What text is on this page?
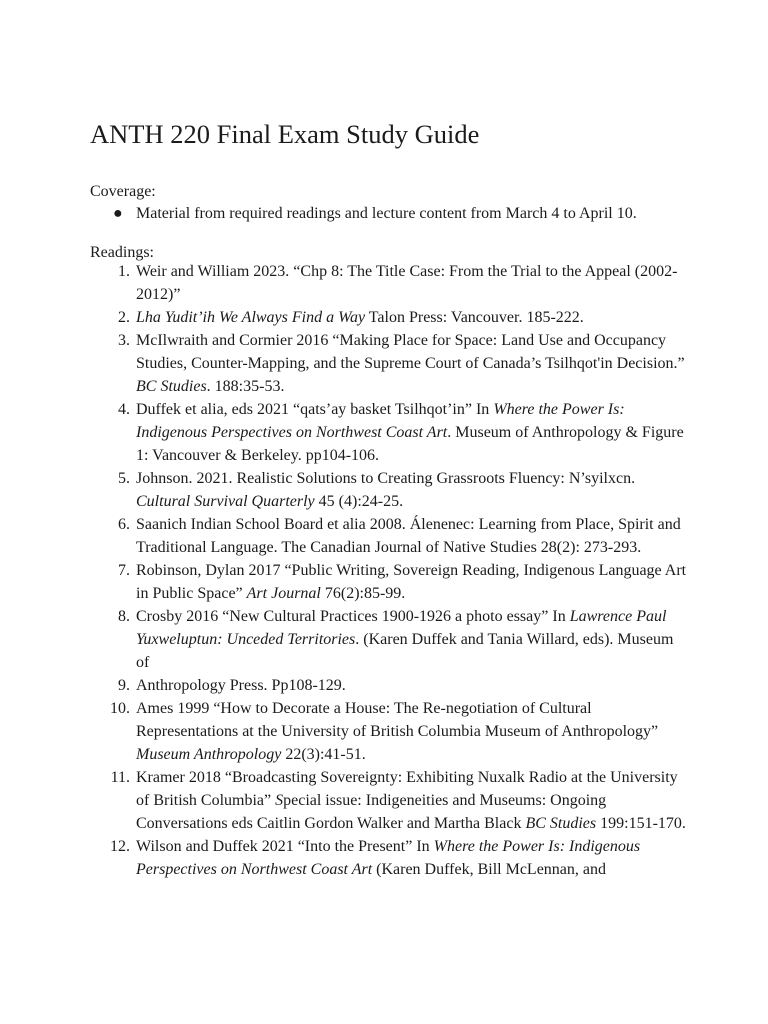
ANTH 220 Final Exam Study Guide
Coverage:
● Material from required readings and lecture content from March 4 to April 10.
Readings:
1. Weir and William 2023. “Chp 8: The Title Case: From the Trial to the Appeal (2002-2012)”
2. Lha Yudit’ih We Always Find a Way Talon Press: Vancouver. 185-222.
3. McIlwraith and Cormier 2016 “Making Place for Space: Land Use and Occupancy Studies, Counter-Mapping, and the Supreme Court of Canada’s Tsilhqot'in Decision.” BC Studies. 188:35-53.
4. Duffek et alia, eds 2021 “qats’ay basket Tsilhqot’in” In Where the Power Is: Indigenous Perspectives on Northwest Coast Art. Museum of Anthropology & Figure 1: Vancouver & Berkeley. pp104-106.
5. Johnson. 2021. Realistic Solutions to Creating Grassroots Fluency: N’syilxcn. Cultural Survival Quarterly 45 (4):24-25.
6. Saanich Indian School Board et alia 2008. Álenenec: Learning from Place, Spirit and Traditional Language. The Canadian Journal of Native Studies 28(2): 273-293.
7. Robinson, Dylan 2017 “Public Writing, Sovereign Reading, Indigenous Language Art in Public Space” Art Journal 76(2):85-99.
8. Crosby 2016 “New Cultural Practices 1900-1926 a photo essay” In Lawrence Paul Yuxweluptun: Unceded Territories. (Karen Duffek and Tania Willard, eds). Museum of
9. Anthropology Press. Pp108-129.
10. Ames 1999 “How to Decorate a House: The Re-negotiation of Cultural Representations at the University of British Columbia Museum of Anthropology” Museum Anthropology 22(3):41-51.
11. Kramer 2018 “Broadcasting Sovereignty: Exhibiting Nuxalk Radio at the University of British Columbia” Special issue: Indigeneities and Museums: Ongoing Conversations eds Caitlin Gordon Walker and Martha Black BC Studies 199:151-170.
12. Wilson and Duffek 2021 “Into the Present” In Where the Power Is: Indigenous Perspectives on Northwest Coast Art (Karen Duffek, Bill McLennan, and
